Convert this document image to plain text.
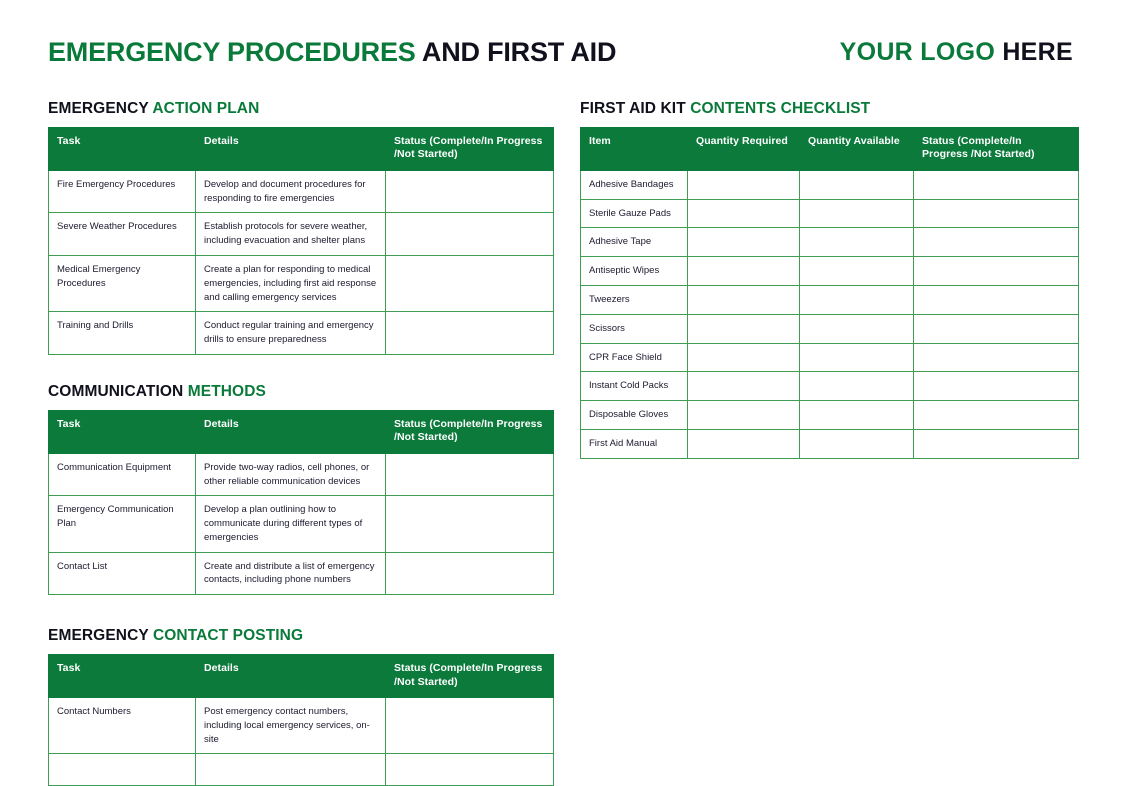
EMERGENCY PROCEDURES AND FIRST AID	YOUR LOGO HERE
EMERGENCY ACTION PLAN
Task	Details	Status (Complete/In Progress /Not Started)
Fire Emergency Procedures	Develop and document procedures for responding to fire emergencies	
Severe Weather Procedures	Establish protocols for severe weather, including evacuation and shelter plans	
Medical Emergency Procedures	Create a plan for responding to medical emergencies, including first aid response and calling emergency services	
Training and Drills	Conduct regular training and emergency drills to ensure preparedness	
COMMUNICATION METHODS
Task	Details	Status (Complete/In Progress /Not Started)
Communication Equipment	Provide two-way radios, cell phones, or other reliable communication devices	
Emergency Communication Plan	Develop a plan outlining how to communicate during different types of emergencies	
Contact List	Create and distribute a list of emergency contacts, including phone numbers	
EMERGENCY CONTACT POSTING
Task	Details	Status (Complete/In Progress /Not Started)
Contact Numbers	Post emergency contact numbers, including local emergency services, on-site	

FIRST AID KIT CONTENTS CHECKLIST
Item	Quantity Required	Quantity Available	Status (Complete/In Progress /Not Started)
Adhesive Bandages			
Sterile Gauze Pads			
Adhesive Tape			
Antiseptic Wipes			
Tweezers			
Scissors			
CPR Face Shield			
Instant Cold Packs			
Disposable Gloves			
First Aid Manual			
